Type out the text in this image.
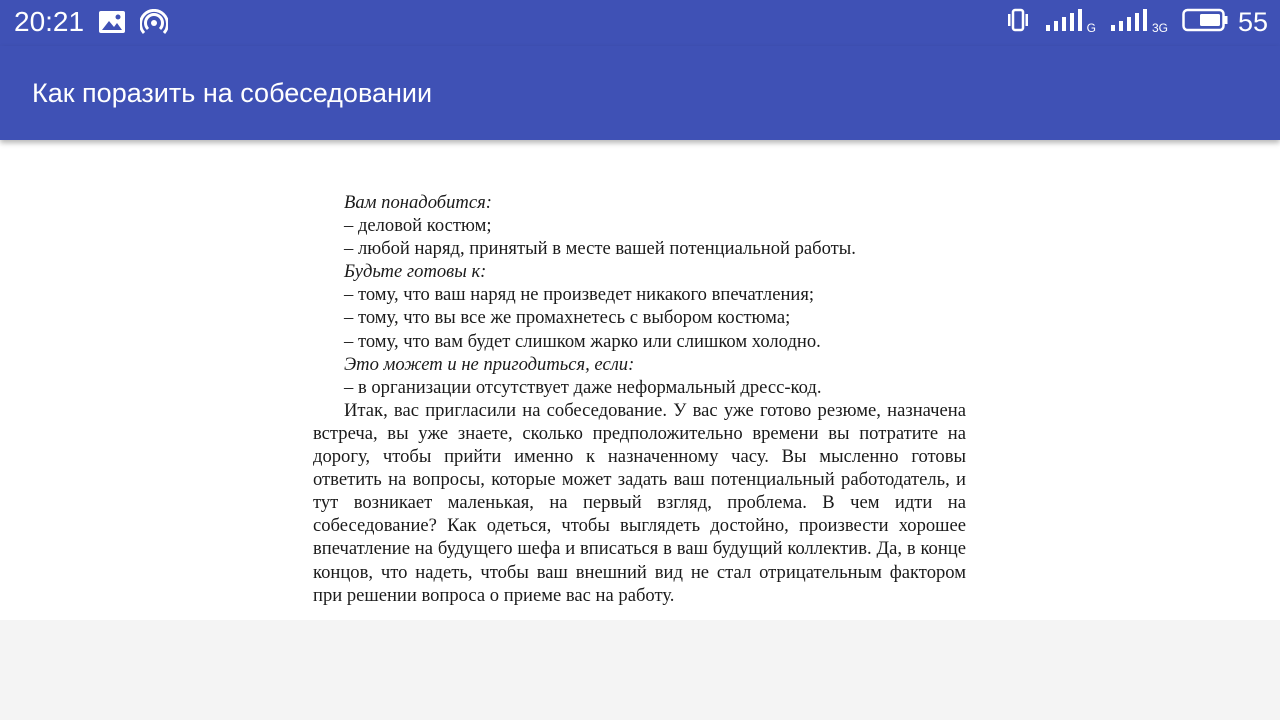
20:21	G	3G	55
Как поразить на собеседовании

Вам понадобится:

– деловой костюм;

– любой наряд, принятый в месте вашей потенциальной работы.

Будьте готовы к:

– тому, что ваш наряд не произведет никакого впечатления;

– тому, что вы все же промахнетесь с выбором костюма;

– тому, что вам будет слишком жарко или слишком холодно.

Это может и не пригодиться, если:

– в организации отсутствует даже неформальный дресс-код.

Итак, вас пригласили на собеседование. У вас уже готово резюме, назначена встреча, вы уже знаете, сколько предположительно времени вы потратите на дорогу, чтобы прийти именно к назначенному часу. Вы мысленно готовы ответить на вопросы, которые может задать ваш потенциальный работодатель, и тут возникает маленькая, на первый взгляд, проблема. В чем идти на собеседование? Как одеться, чтобы выглядеть достойно, произвести хорошее впечатление на будущего шефа и вписаться в ваш будущий коллектив. Да, в конце концов, что надеть, чтобы ваш внешний вид не стал отрицательным фактором при решении вопроса о приеме вас на работу.
